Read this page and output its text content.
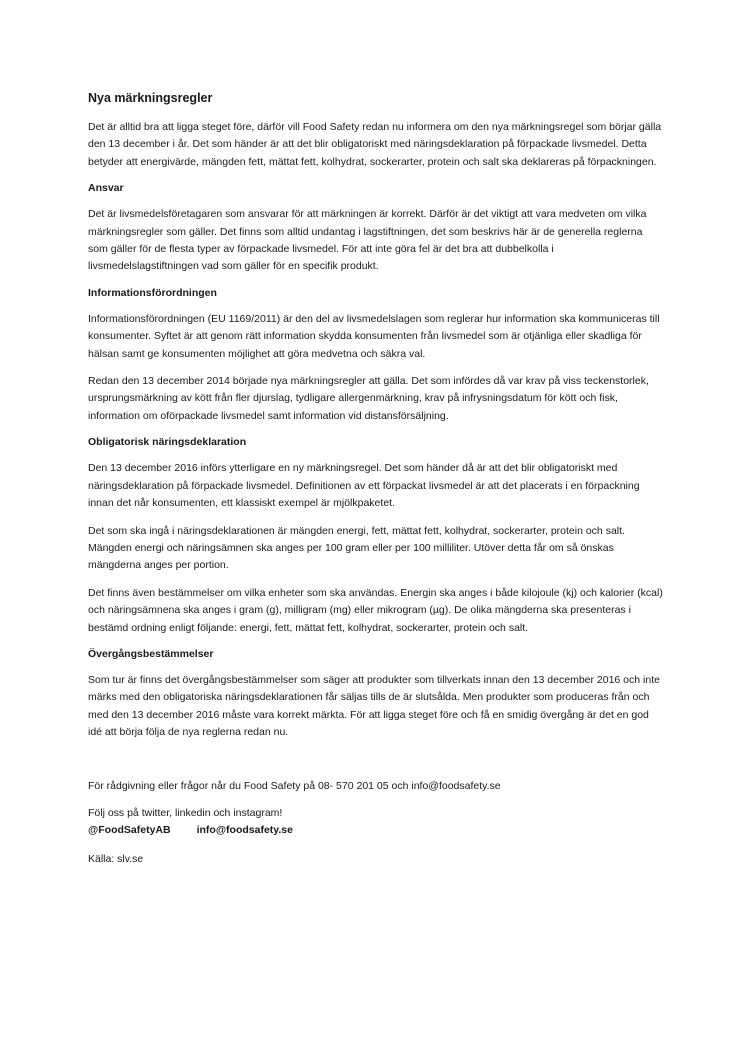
Nya märkningsregler

Det är alltid bra att ligga steget före, därför vill Food Safety redan nu informera om den nya märkningsregel som börjar gälla den 13 december i år. Det som händer är att det blir obligatoriskt med näringsdeklaration på förpackade livsmedel. Detta betyder att energivärde, mängden fett, mättat fett, kolhydrat, sockerarter, protein och salt ska deklareras på förpackningen.

Ansvar

Det är livsmedelsföretagaren som ansvarar för att märkningen är korrekt. Därför är det viktigt att vara medveten om vilka märkningsregler som gäller. Det finns som alltid undantag i lagstiftningen, det som beskrivs här är de generella reglerna som gäller för de flesta typer av förpackade livsmedel. För att inte göra fel är det bra att dubbelkolla i livsmedelslagstiftningen vad som gäller för en specifik produkt.

Informationsförordningen

Informationsförordningen (EU 1169/2011) är den del av livsmedelslagen som reglerar hur information ska kommuniceras till konsumenter. Syftet är att genom rätt information skydda konsumenten från livsmedel som är otjänliga eller skadliga för hälsan samt ge konsumenten möjlighet att göra medvetna och säkra val.

Redan den 13 december 2014 började nya märkningsregler att gälla. Det som infördes då var krav på viss teckenstorlek, ursprungsmärkning av kött från fler djurslag, tydligare allergenmärkning, krav på infrysningsdatum för kött och fisk, information om oförpackade livsmedel samt information vid distansförsäljning.

Obligatorisk näringsdeklaration

Den 13 december 2016 införs ytterligare en ny märkningsregel. Det som händer då är att det blir obligatoriskt med näringsdeklaration på förpackade livsmedel. Definitionen av ett förpackat livsmedel är att det placerats i en förpackning innan det når konsumenten, ett klassiskt exempel är mjölkpaketet.

Det som ska ingå i näringsdeklarationen är mängden energi, fett, mättat fett, kolhydrat, sockerarter, protein och salt. Mängden energi och näringsämnen ska anges per 100 gram eller per 100 milliliter. Utöver detta får om så önskas mängderna anges per portion.

Det finns även bestämmelser om vilka enheter som ska användas. Energin ska anges i både kilojoule (kj) och kalorier (kcal) och näringsämnena ska anges i gram (g), milligram (mg) eller mikrogram (µg). De olika mängderna ska presenteras i bestämd ordning enligt följande: energi, fett, mättat fett, kolhydrat, sockerarter, protein och salt.

Övergångsbestämmelser

Som tur är finns det övergångsbestämmelser som säger att produkter som tillverkats innan den 13 december 2016 och inte märks med den obligatoriska näringsdeklarationen får säljas tills de är slutsålda. Men produkter som produceras från och med den 13 december 2016 måste vara korrekt märkta. För att ligga steget före och få en smidig övergång är det en god idé att börja följa de nya reglerna redan nu.

För rådgivning eller frågor når du Food Safety på 08- 570 201 05 och info@foodsafety.se

Följ oss på twitter, linkedin och instagram!
@FoodSafetyAB info@foodsafety.se

Källa: slv.se
